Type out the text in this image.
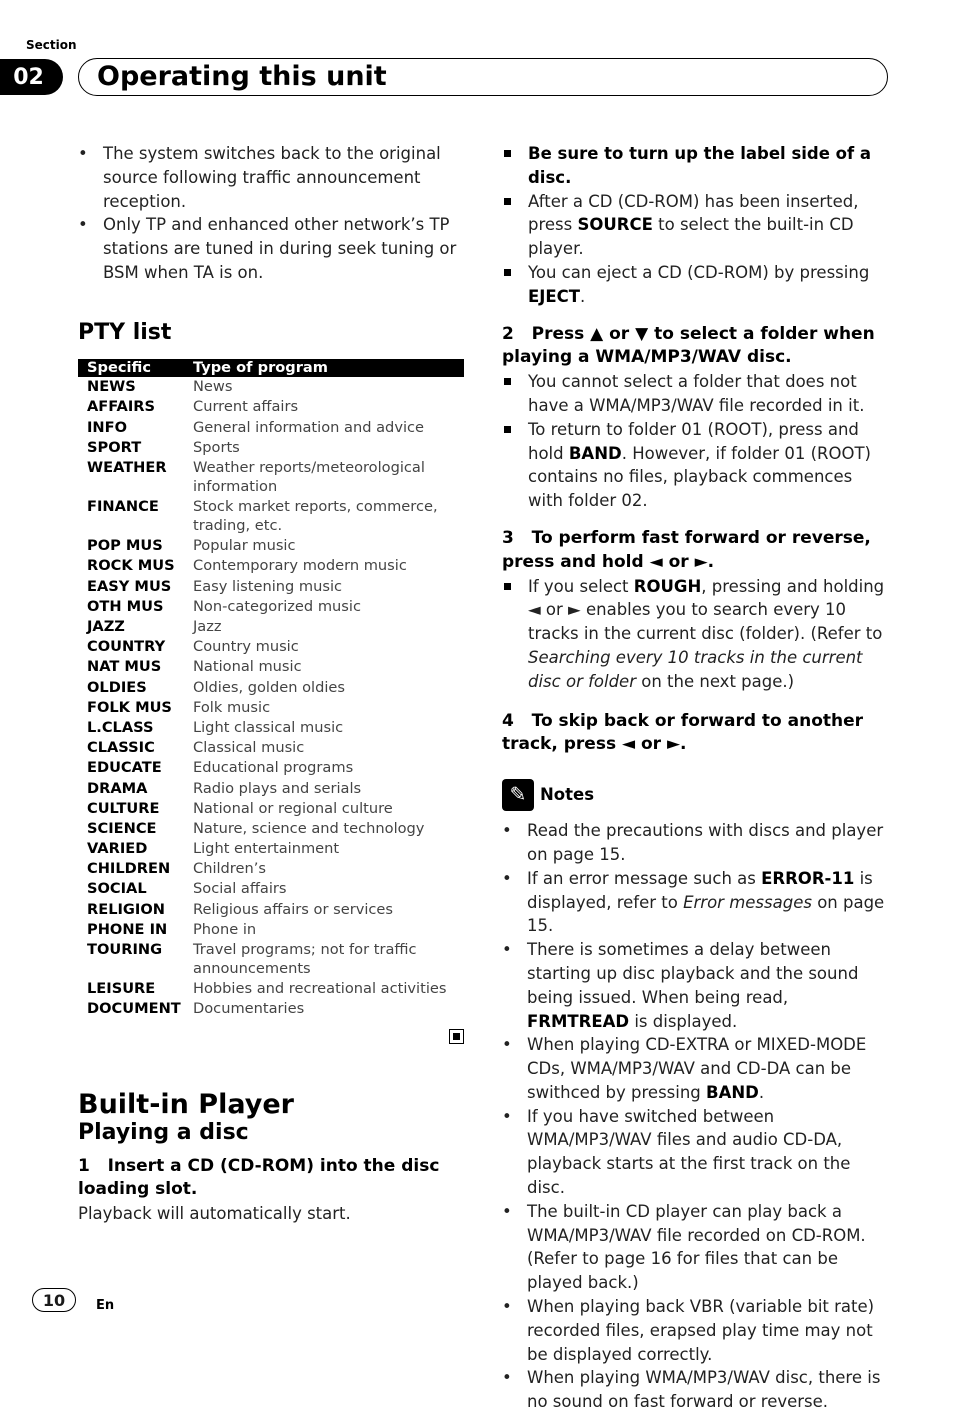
Section
02	Operating this unit
• The system switches back to the original source following traffic announcement reception.
• Only TP and enhanced other network’s TP stations are tuned in during seek tuning or BSM when TA is on.
PTY list
Specific	Type of program
NEWS	News
AFFAIRS	Current affairs
INFO	General information and advice
SPORT	Sports
WEATHER	Weather reports/meteorological information
FINANCE	Stock market reports, commerce, trading, etc.
POP MUS	Popular music
ROCK MUS	Contemporary modern music
EASY MUS	Easy listening music
OTH MUS	Non-categorized music
JAZZ	Jazz
COUNTRY	Country music
NAT MUS	National music
OLDIES	Oldies, golden oldies
FOLK MUS	Folk music
L.CLASS	Light classical music
CLASSIC	Classical music
EDUCATE	Educational programs
DRAMA	Radio plays and serials
CULTURE	National or regional culture
SCIENCE	Nature, science and technology
VARIED	Light entertainment
CHILDREN	Children’s
SOCIAL	Social affairs
RELIGION	Religious affairs or services
PHONE IN	Phone in
TOURING	Travel programs; not for traffic announcements
LEISURE	Hobbies and recreational activities
DOCUMENT	Documentaries
Built-in Player
Playing a disc
1 Insert a CD (CD-ROM) into the disc loading slot.
Playback will automatically start.
Be sure to turn up the label side of a disc.
After a CD (CD-ROM) has been inserted, press SOURCE to select the built-in CD player.
You can eject a CD (CD-ROM) by pressing EJECT.
2 Press ▲ or ▼ to select a folder when playing a WMA/MP3/WAV disc.
You cannot select a folder that does not have a WMA/MP3/WAV file recorded in it.
To return to folder 01 (ROOT), press and hold BAND. However, if folder 01 (ROOT) contains no files, playback commences with folder 02.
3 To perform fast forward or reverse, press and hold ◄ or ►.
If you select ROUGH, pressing and holding ◄ or ► enables you to search every 10 tracks in the current disc (folder). (Refer to Searching every 10 tracks in the current disc or folder on the next page.)
4 To skip back or forward to another track, press ◄ or ►.
✎ Notes
• Read the precautions with discs and player on page 15.
• If an error message such as ERROR-11 is displayed, refer to Error messages on page 15.
• There is sometimes a delay between starting up disc playback and the sound being issued. When being read, FRMTREAD is displayed.
• When playing CD-EXTRA or MIXED-MODE CDs, WMA/MP3/WAV and CD-DA can be swithced by pressing BAND.
• If you have switched between WMA/MP3/WAV files and audio CD-DA, playback starts at the first track on the disc.
• The built-in CD player can play back a WMA/MP3/WAV file recorded on CD-ROM. (Refer to page 16 for files that can be played back.)
• When playing back VBR (variable bit rate) recorded files, erapsed play time may not be displayed correctly.
• When playing WMA/MP3/WAV disc, there is no sound on fast forward or reverse.
10	En
